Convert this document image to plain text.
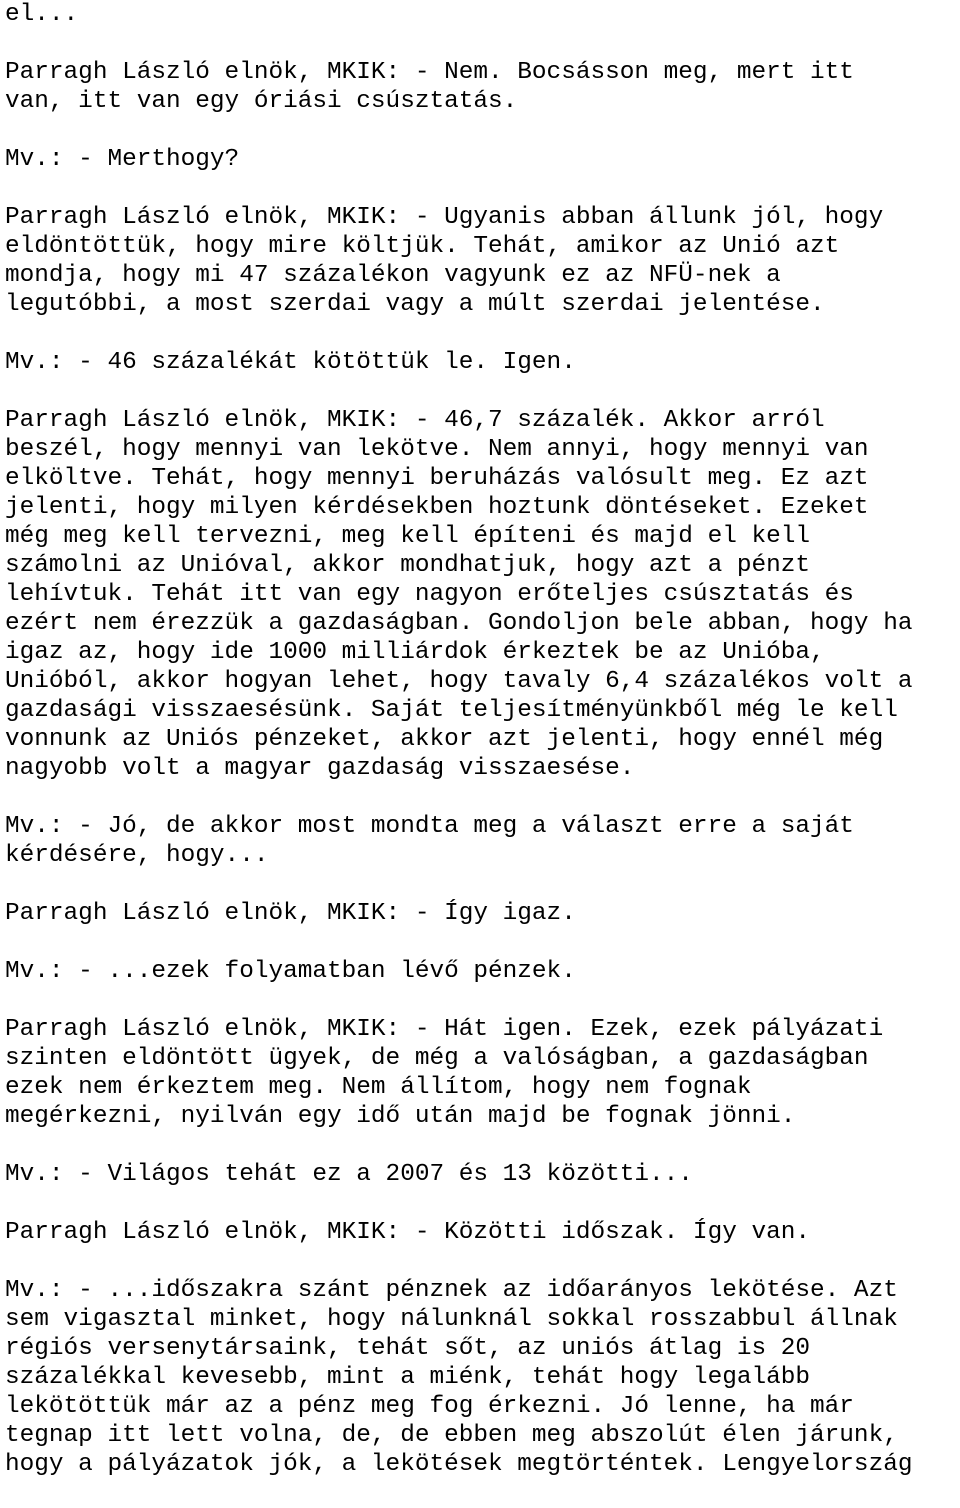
el...
Parragh László elnök, MKIK: - Nem. Bocsásson meg, mert itt
van, itt van egy óriási csúsztatás.
Mv.: - Merthogy?
Parragh László elnök, MKIK: - Ugyanis abban állunk jól, hogy
eldöntöttük, hogy mire költjük. Tehát, amikor az Unió azt
mondja, hogy mi 47 százalékon vagyunk ez az NFÜ-nek a
legutóbbi, a most szerdai vagy a múlt szerdai jelentése.
Mv.: - 46 százalékát kötöttük le. Igen.
Parragh László elnök, MKIK: - 46,7 százalék. Akkor arról
beszél, hogy mennyi van lekötve. Nem annyi, hogy mennyi van
elköltve. Tehát, hogy mennyi beruházás valósult meg. Ez azt
jelenti, hogy milyen kérdésekben hoztunk döntéseket. Ezeket
még meg kell tervezni, meg kell építeni és majd el kell
számolni az Unióval, akkor mondhatjuk, hogy azt a pénzt
lehívtuk. Tehát itt van egy nagyon erőteljes csúsztatás és
ezért nem érezzük a gazdaságban. Gondoljon bele abban, hogy ha
igaz az, hogy ide 1000 milliárdok érkeztek be az Unióba,
Unióból, akkor hogyan lehet, hogy tavaly 6,4 százalékos volt a
gazdasági visszaesésünk. Saját teljesítményünkből még le kell
vonnunk az Uniós pénzeket, akkor azt jelenti, hogy ennél még
nagyobb volt a magyar gazdaság visszaesése.
Mv.: - Jó, de akkor most mondta meg a választ erre a saját
kérdésére, hogy...
Parragh László elnök, MKIK: - Így igaz.
Mv.: - ...ezek folyamatban lévő pénzek.
Parragh László elnök, MKIK: - Hát igen. Ezek, ezek pályázati
szinten eldöntött ügyek, de még a valóságban, a gazdaságban
ezek nem érkeztem meg. Nem állítom, hogy nem fognak
megérkezni, nyilván egy idő után majd be fognak jönni.
Mv.: - Világos tehát ez a 2007 és 13 közötti...
Parragh László elnök, MKIK: - Közötti időszak. Így van.
Mv.: - ...időszakra szánt pénznek az időarányos lekötése. Azt
sem vigasztal minket, hogy nálunknál sokkal rosszabbul állnak
régiós versenytársaink, tehát sőt, az uniós átlag is 20
százalékkal kevesebb, mint a miénk, tehát hogy legalább
lekötöttük már az a pénz meg fog érkezni. Jó lenne, ha már
tegnap itt lett volna, de, de ebben meg abszolút élen járunk,
hogy a pályázatok jók, a lekötések megtörténtek. Lengyelország
